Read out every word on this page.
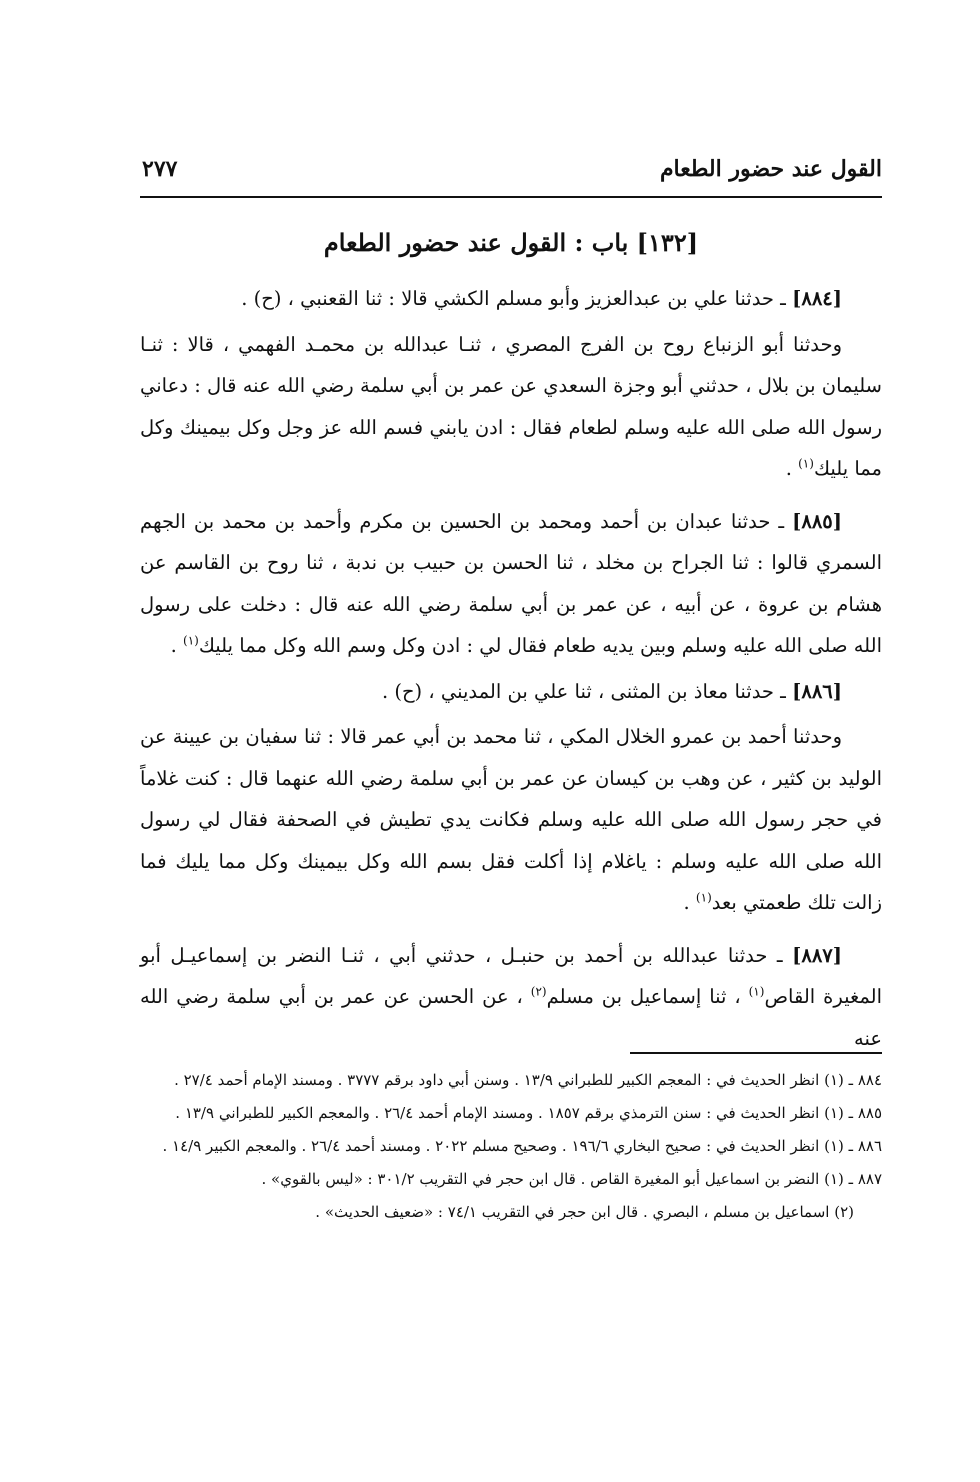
القول عند حضور الطعام
٢٧٧
[١٣٢] باب : القول عند حضور الطعام

[٨٨٤] ـ حدثنا علي بن عبدالعزيز وأبو مسلم الكشي قالا : ثنا القعنبي ، (ح) .

وحدثنا أبو الزنباع روح بن الفرج المصري ، ثنـا عبدالله بن محمـد الفهمي ، قالا : ثنـا سليمان بن بلال ، حدثني أبو وجزة السعدي عن عمر بن أبي سلمة رضي الله عنه قال : دعاني رسول الله صلى الله عليه وسلم لطعام فقال : ادن يابني فسم الله عز وجل وكل بيمينك وكل مما يليك$^{(١)}$ .

[٨٨٥] ـ حدثنا عبدان بن أحمد ومحمد بن الحسين بن مكرم وأحمد بن محمد بن الجهم السمري قالوا : ثنا الجراح بن مخلد ، ثنا الحسن بن حبيب بن ندبة ، ثنا روح بن القاسم عن هشام بن عروة ، عن أبيه ، عن عمر بن أبي سلمة رضي الله عنه قال : دخلت على رسول الله صلى الله عليه وسلم وبين يديه طعام فقال لي : ادن وكل وسم الله وكل مما يليك$^{(١)}$ .

[٨٨٦] ـ حدثنا معاذ بن المثنى ، ثنا علي بن المديني ، (ح) .

وحدثنا أحمد بن عمرو الخلال المكي ، ثنا محمد بن أبي عمر قالا : ثنا سفيان بن عيينة عن الوليد بن كثير ، عن وهب بن كيسان عن عمر بن أبي سلمة رضي الله عنهما قال : كنت غلاماً في حجر رسول الله صلى الله عليه وسلم فكانت يدي تطيش في الصحفة فقال لي رسول الله صلى الله عليه وسلم : ياغلام إذا أكلت فقل بسم الله وكل بيمينك وكل مما يليك فما زالت تلك طعمتي بعد$^{(١)}$ .

[٨٨٧] ـ حدثنا عبدالله بن أحمد بن حنبـل ، حدثني أبي ، ثنـا النضر بن إسماعيـل أبو المغيرة القاص$^{(١)}$ ، ثنا إسماعيل بن مسلم$^{(٢)}$ ، عن الحسن عن عمر بن أبي سلمة رضي الله عنه

٨٨٤ ـ (١) انظر الحديث في : المعجم الكبير للطبراني ١٣/٩ . وسنن أبي داود برقم ٣٧٧٧ . ومسند الإمام أحمد ٢٧/٤ .

٨٨٥ ـ (١) انظر الحديث في : سنن الترمذي برقم ١٨٥٧ . ومسند الإمام أحمد ٢٦/٤ . والمعجم الكبير للطبراني ١٣/٩ .

٨٨٦ ـ (١) انظر الحديث في : صحيح البخاري ١٩٦/٦ . وصحيح مسلم ٢٠٢٢ . ومسند أحمد ٢٦/٤ . والمعجم الكبير ١٤/٩ .

٨٨٧ ـ (١) النضر بن اسماعيل أبو المغيرة القاص . قال ابن حجر في التقريب ٣٠١/٢ : «ليس بالقوي» .

(٢) اسماعيل بن مسلم ، البصري . قال ابن حجر في التقريب ٧٤/١ : «ضعيف الحديث» .
